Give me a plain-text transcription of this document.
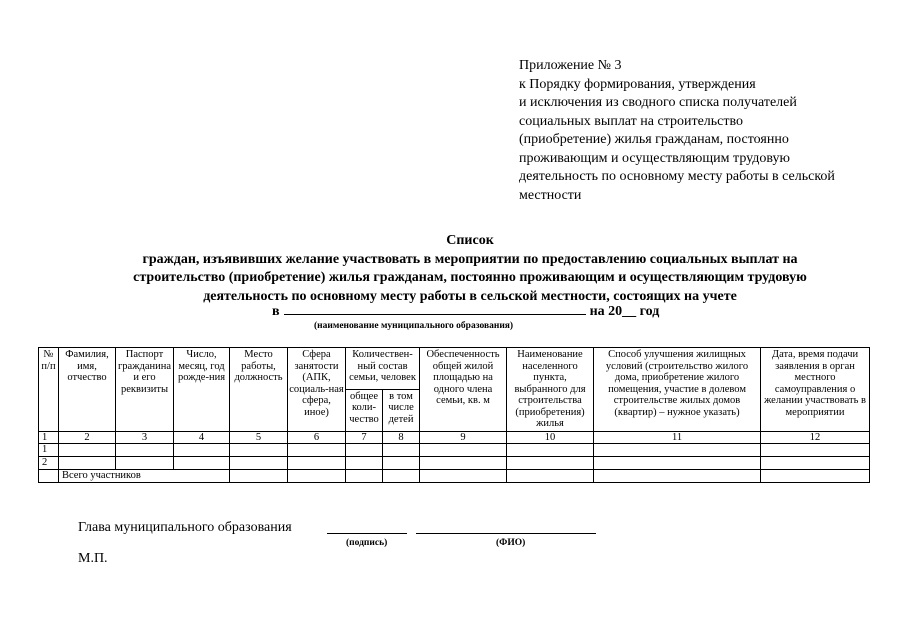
Приложение № 3
к Порядку формирования, утверждения
и исключения из сводного списка получателей
социальных выплат на строительство
(приобретение) жилья гражданам, постоянно
проживающим и осуществляющим трудовую
деятельность по основному месту работы в сельской
местности
Список
граждан, изъявивших желание участвовать в мероприятии по предоставлению социальных выплат на
строительство (приобретение) жилья гражданам, постоянно проживающим и осуществляющим трудовую
деятельность по основному месту работы в сельской местности, состоящих на учете
в	на 20__ год
(наименование муниципального образования)
№ п/п	Фамилия, имя, отчество	Паспорт гражданина и его реквизиты	Число, месяц, год рожде-ния	Место работы, должность	Сфера занятости (АПК, социаль-ная сфера, иное)	Количествен-ный состав семьи, человек		Обеспеченность общей жилой площадью на одного члена семьи, кв. м	Наименование населенного пункта, выбранного для строительства (приобретения) жилья	Способ улучшения жилищных условий (строительство жилого дома, приобретение жилого помещения, участие в долевом строительстве жилых домов (квартир) – нужное указать)	Дата, время подачи заявления в орган местного самоуправления о желании участвовать в мероприятии
						общее коли-чество	в том числе детей				
1	2	3	4	5	6	7	8	9	10	11	12
1											
2											
	Всего участников										
Глава муниципального образования
(подпись)	(ФИО)
М.П.
